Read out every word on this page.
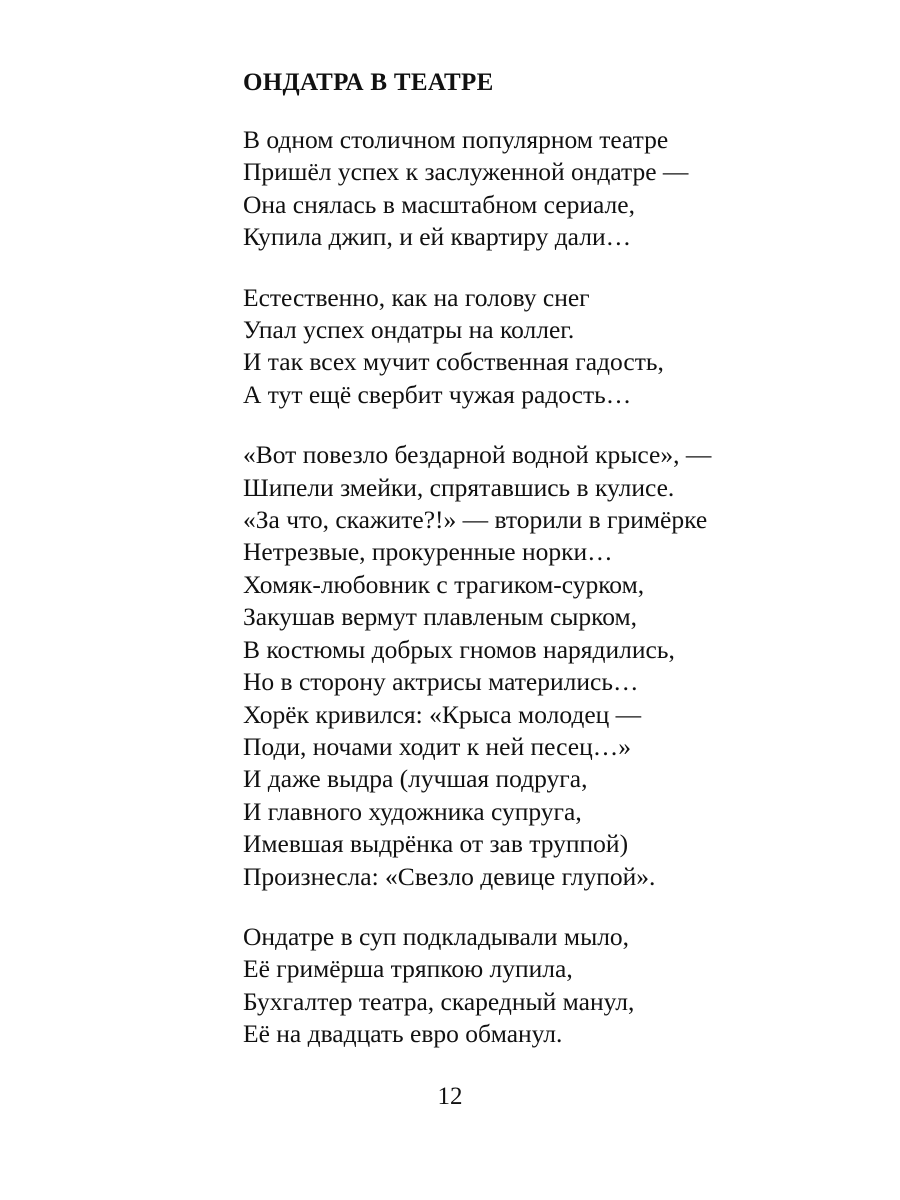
ОНДАТРА В ТЕАТРЕ
В одном столичном популярном театре
Пришёл успех к заслуженной ондатре —
Она снялась в масштабном сериале,
Купила джип, и ей квартиру дали…
Естественно, как на голову снег
Упал успех ондатры на коллег.
И так всех мучит собственная гадость,
А тут ещё свербит чужая радость…
«Вот повезло бездарной водной крысе», —
Шипели змейки, спрятавшись в кулисе.
«За что, скажите?!» — вторили в гримёрке
Нетрезвые, прокуренные норки…
Хомяк-любовник с трагиком-сурком,
Закушав вермут плавленым сырком,
В костюмы добрых гномов нарядились,
Но в сторону актрисы матерились…
Хорёк кривился: «Крыса молодец —
Поди, ночами ходит к ней песец…»
И даже выдра (лучшая подруга,
И главного художника супруга,
Имевшая выдрёнка от зав труппой)
Произнесла: «Свезло девице глупой».
Ондатре в суп подкладывали мыло,
Её гримёрша тряпкою лупила,
Бухгалтер театра, скаредный манул,
Её на двадцать евро обманул.
12
